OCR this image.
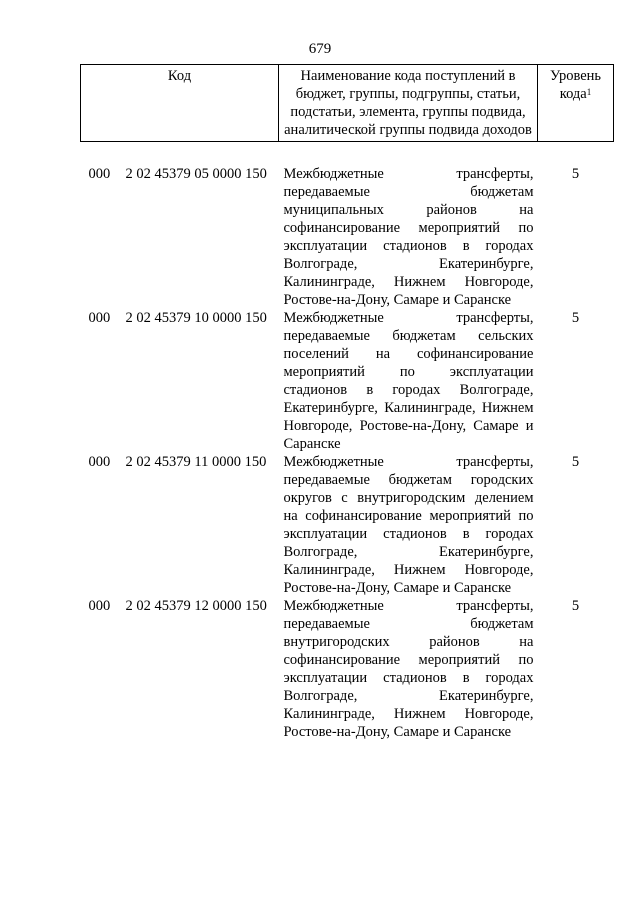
679
Код		Наименование кода поступлений в бюджет, группы, подгруппы, статьи, подстатьи, элемента, группы подвида, аналитической группы подвида доходов	Уровень кода$^1$

000	2 02 45379 05 0000 150	Межбюджетные трансферты, передаваемые бюджетам муниципальных районов на софинансирование мероприятий по эксплуатации стадионов в городах Волгограде, Екатеринбурге, Калининграде, Нижнем Новгороде, Ростове-на-Дону, Самаре и Саранске	5
000	2 02 45379 10 0000 150	Межбюджетные трансферты, передаваемые бюджетам сельских поселений на софинансирование мероприятий по эксплуатации стадионов в городах Волгограде, Екатеринбурге, Калининграде, Нижнем Новгороде, Ростове-на-Дону, Самаре и Саранске	5
000	2 02 45379 11 0000 150	Межбюджетные трансферты, передаваемые бюджетам городских округов с внутригородским делением на софинансирование мероприятий по эксплуатации стадионов в городах Волгограде, Екатеринбурге, Калининграде, Нижнем Новгороде, Ростове-на-Дону, Самаре и Саранске	5
000	2 02 45379 12 0000 150	Межбюджетные трансферты, передаваемые бюджетам внутригородских районов на софинансирование мероприятий по эксплуатации стадионов в городах Волгограде, Екатеринбурге, Калининграде, Нижнем Новгороде, Ростове-на-Дону, Самаре и Саранске	5
